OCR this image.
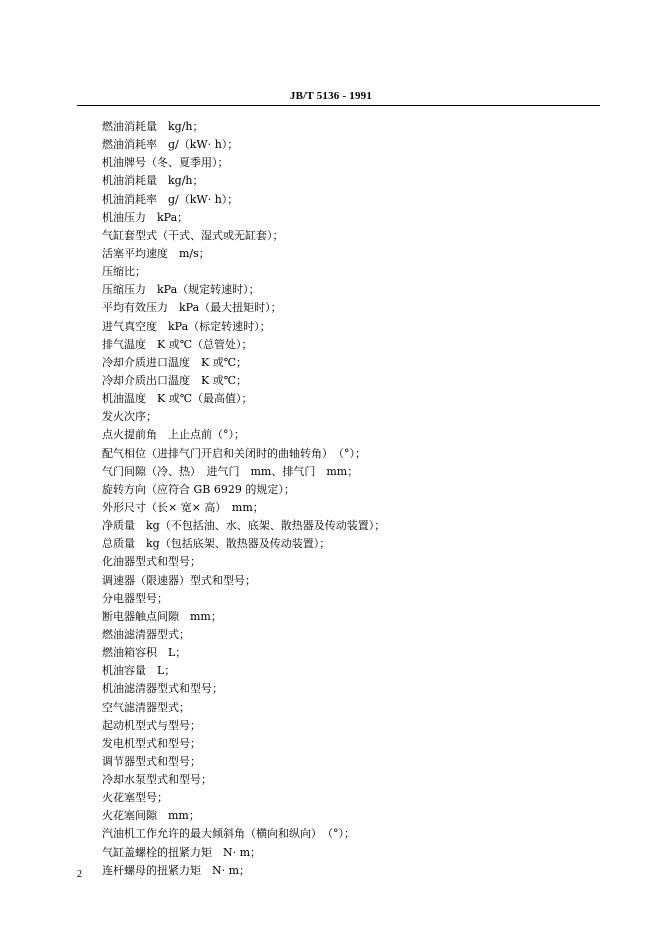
JB/T 5136 - 1991
燃油消耗量　kg/h；
燃油消耗率　g/（kW· h）；
机油牌号（冬、夏季用）；
机油消耗量　kg/h；
机油消耗率　g/（kW· h）；
机油压力　kPa；
气缸套型式（干式、湿式或无缸套）；
活塞平均速度　m/s；
压缩比；
压缩压力　kPa（规定转速时）；
平均有效压力　kPa（最大扭矩时）；
进气真空度　kPa（标定转速时）；
排气温度　K 或℃（总管处）；
冷却介质进口温度　K 或℃；
冷却介质出口温度　K 或℃；
机油温度　K 或℃（最高值）；
发火次序；
点火提前角　上止点前（°）；
配气相位（进排气门开启和关闭时的曲轴转角）　（°）；
气门间隙（冷、热）　进气门　mm、排气门　mm；
旋转方向（应符合 GB 6929 的规定）；
外形尺寸（长× 宽× 高）　mm；
净质量　kg（不包括油、水、底架、散热器及传动装置）；
总质量　kg（包括底架、散热器及传动装置）；
化油器型式和型号；
调速器（限速器）型式和型号；
分电器型号；
断电器触点间隙　mm；
燃油滤清器型式；
燃油箱容积　L；
机油容量　L；
机油滤清器型式和型号；
空气滤清器型式；
起动机型式与型号；
发电机型式和型号；
调节器型式和型号；
冷却水泵型式和型号；
火花塞型号；
火花塞间隙　mm；
汽油机工作允许的最大倾斜角（横向和纵向）　（°）；
气缸盖螺栓的扭紧力矩　N· m；
连杆螺母的扭紧力矩　N· m；
2
